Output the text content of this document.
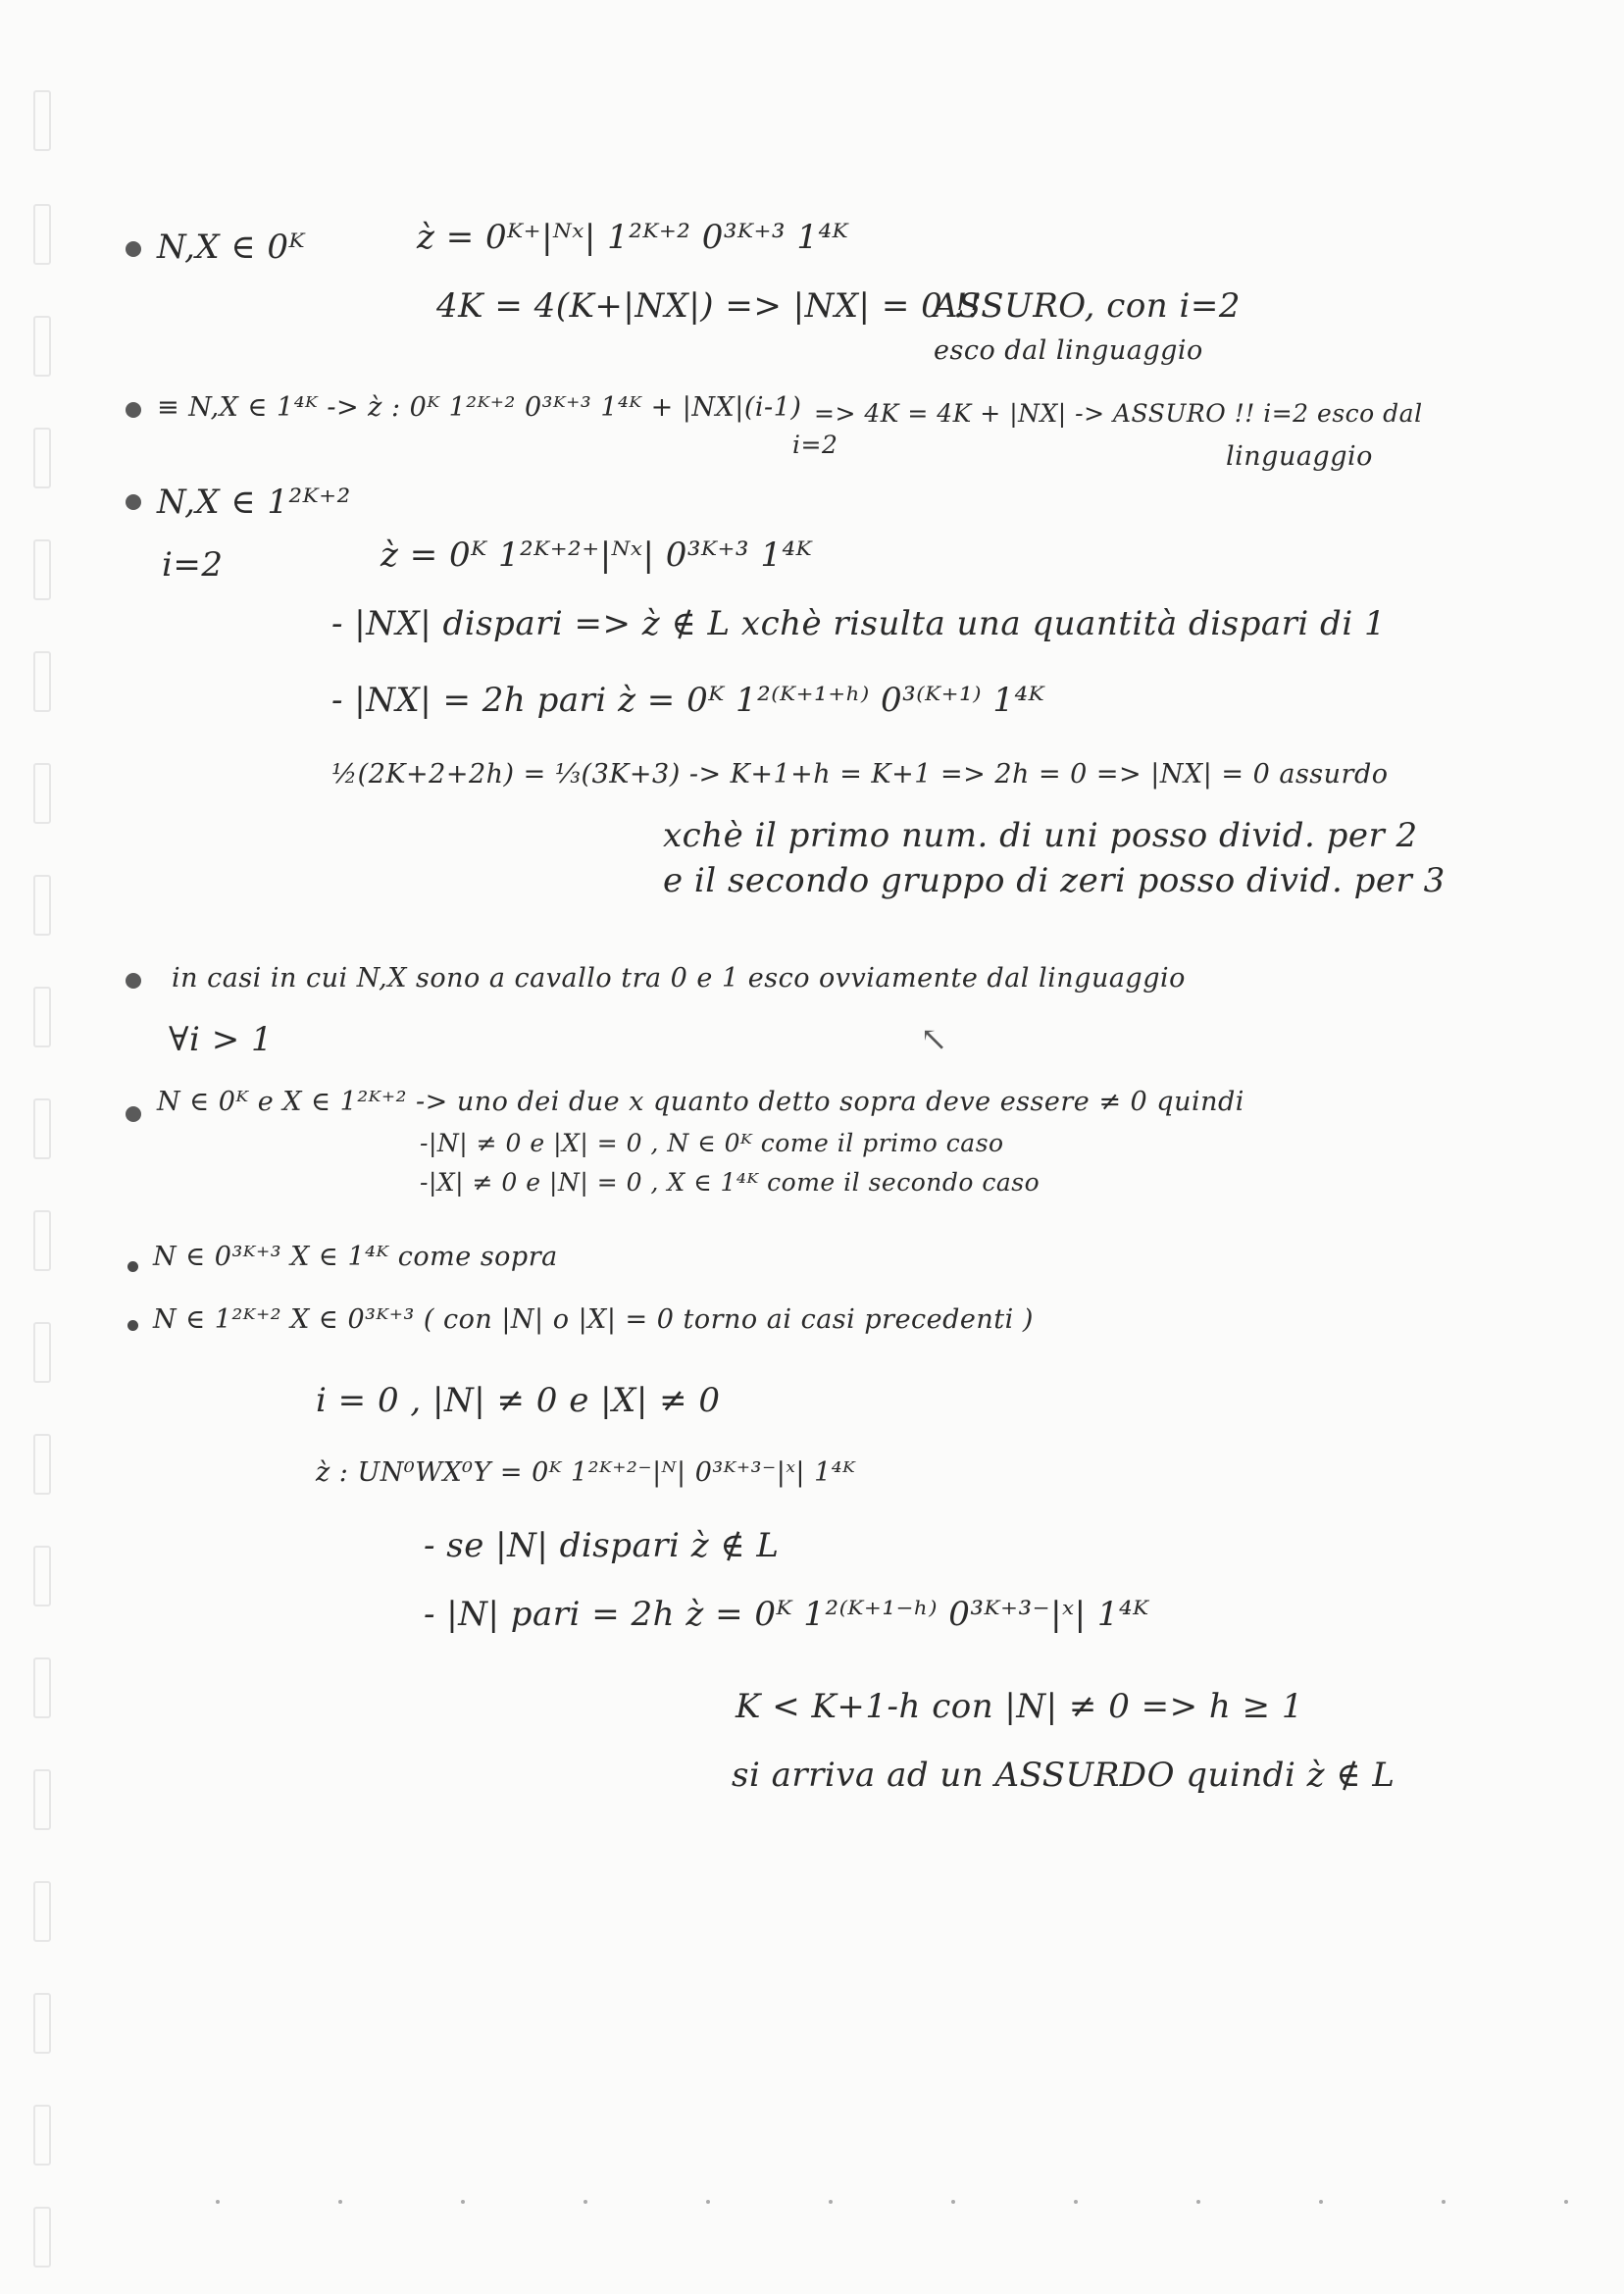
N,X ∈ 0ᴷ	z̀ = 0ᴷ⁺|ᴺˣ| 1²ᴷ⁺² 0³ᴷ⁺³ 1⁴ᴷ
4K = 4(K+|NX|) => |NX| = 0 !!
ASSURO, con i=2
esco dal linguaggio
≡ N,X ∈ 1⁴ᴷ -> z̀ : 0ᴷ 1²ᴷ⁺² 0³ᴷ⁺³ 1⁴ᴷ + |NX|(i-1) => 4K = 4K + |NX| -> ASSURO !! i=2 esco dal
i=2	linguaggio
N,X ∈ 1²ᴷ⁺²
i=2	z̀ = 0ᴷ 1²ᴷ⁺²⁺|ᴺˣ| 0³ᴷ⁺³ 1⁴ᴷ
- |NX| dispari => z̀ ∉ L xchè risulta una quantità dispari di 1
- |NX| = 2h pari z̀ = 0ᴷ 1²⁽ᴷ⁺¹⁺ʰ⁾ 0³⁽ᴷ⁺¹⁾ 1⁴ᴷ
½(2K+2+2h) = ⅓(3K+3) -> K+1+h = K+1 => 2h = 0 => |NX| = 0 assurdo
xchè il primo num. di uni posso divid. per 2
e il secondo gruppo di zeri posso divid. per 3
in casi in cui N,X sono a cavallo tra 0 e 1 esco ovviamente dal linguaggio
∀i > 1	↖
N ∈ 0ᴷ e X ∈ 1²ᴷ⁺² -> uno dei due x quanto detto sopra deve essere ≠ 0 quindi
-|N| ≠ 0 e |X| = 0 , N ∈ 0ᴷ come il primo caso
-|X| ≠ 0 e |N| = 0 , X ∈ 1⁴ᴷ come il secondo caso
N ∈ 0³ᴷ⁺³ X ∈ 1⁴ᴷ come sopra
N ∈ 1²ᴷ⁺² X ∈ 0³ᴷ⁺³ ( con |N| o |X| = 0 torno ai casi precedenti )
i = 0 , |N| ≠ 0 e |X| ≠ 0
z̀ : UN⁰WX⁰Y = 0ᴷ 1²ᴷ⁺²⁻|ᴺ| 0³ᴷ⁺³⁻|ˣ| 1⁴ᴷ
- se |N| dispari z̀ ∉ L
- |N| pari = 2h z̀ = 0ᴷ 1²⁽ᴷ⁺¹⁻ʰ⁾ 0³ᴷ⁺³⁻|ˣ| 1⁴ᴷ
K < K+1-h con |N| ≠ 0 => h ≥ 1
si arriva ad un ASSURDO quindi z̀ ∉ L
